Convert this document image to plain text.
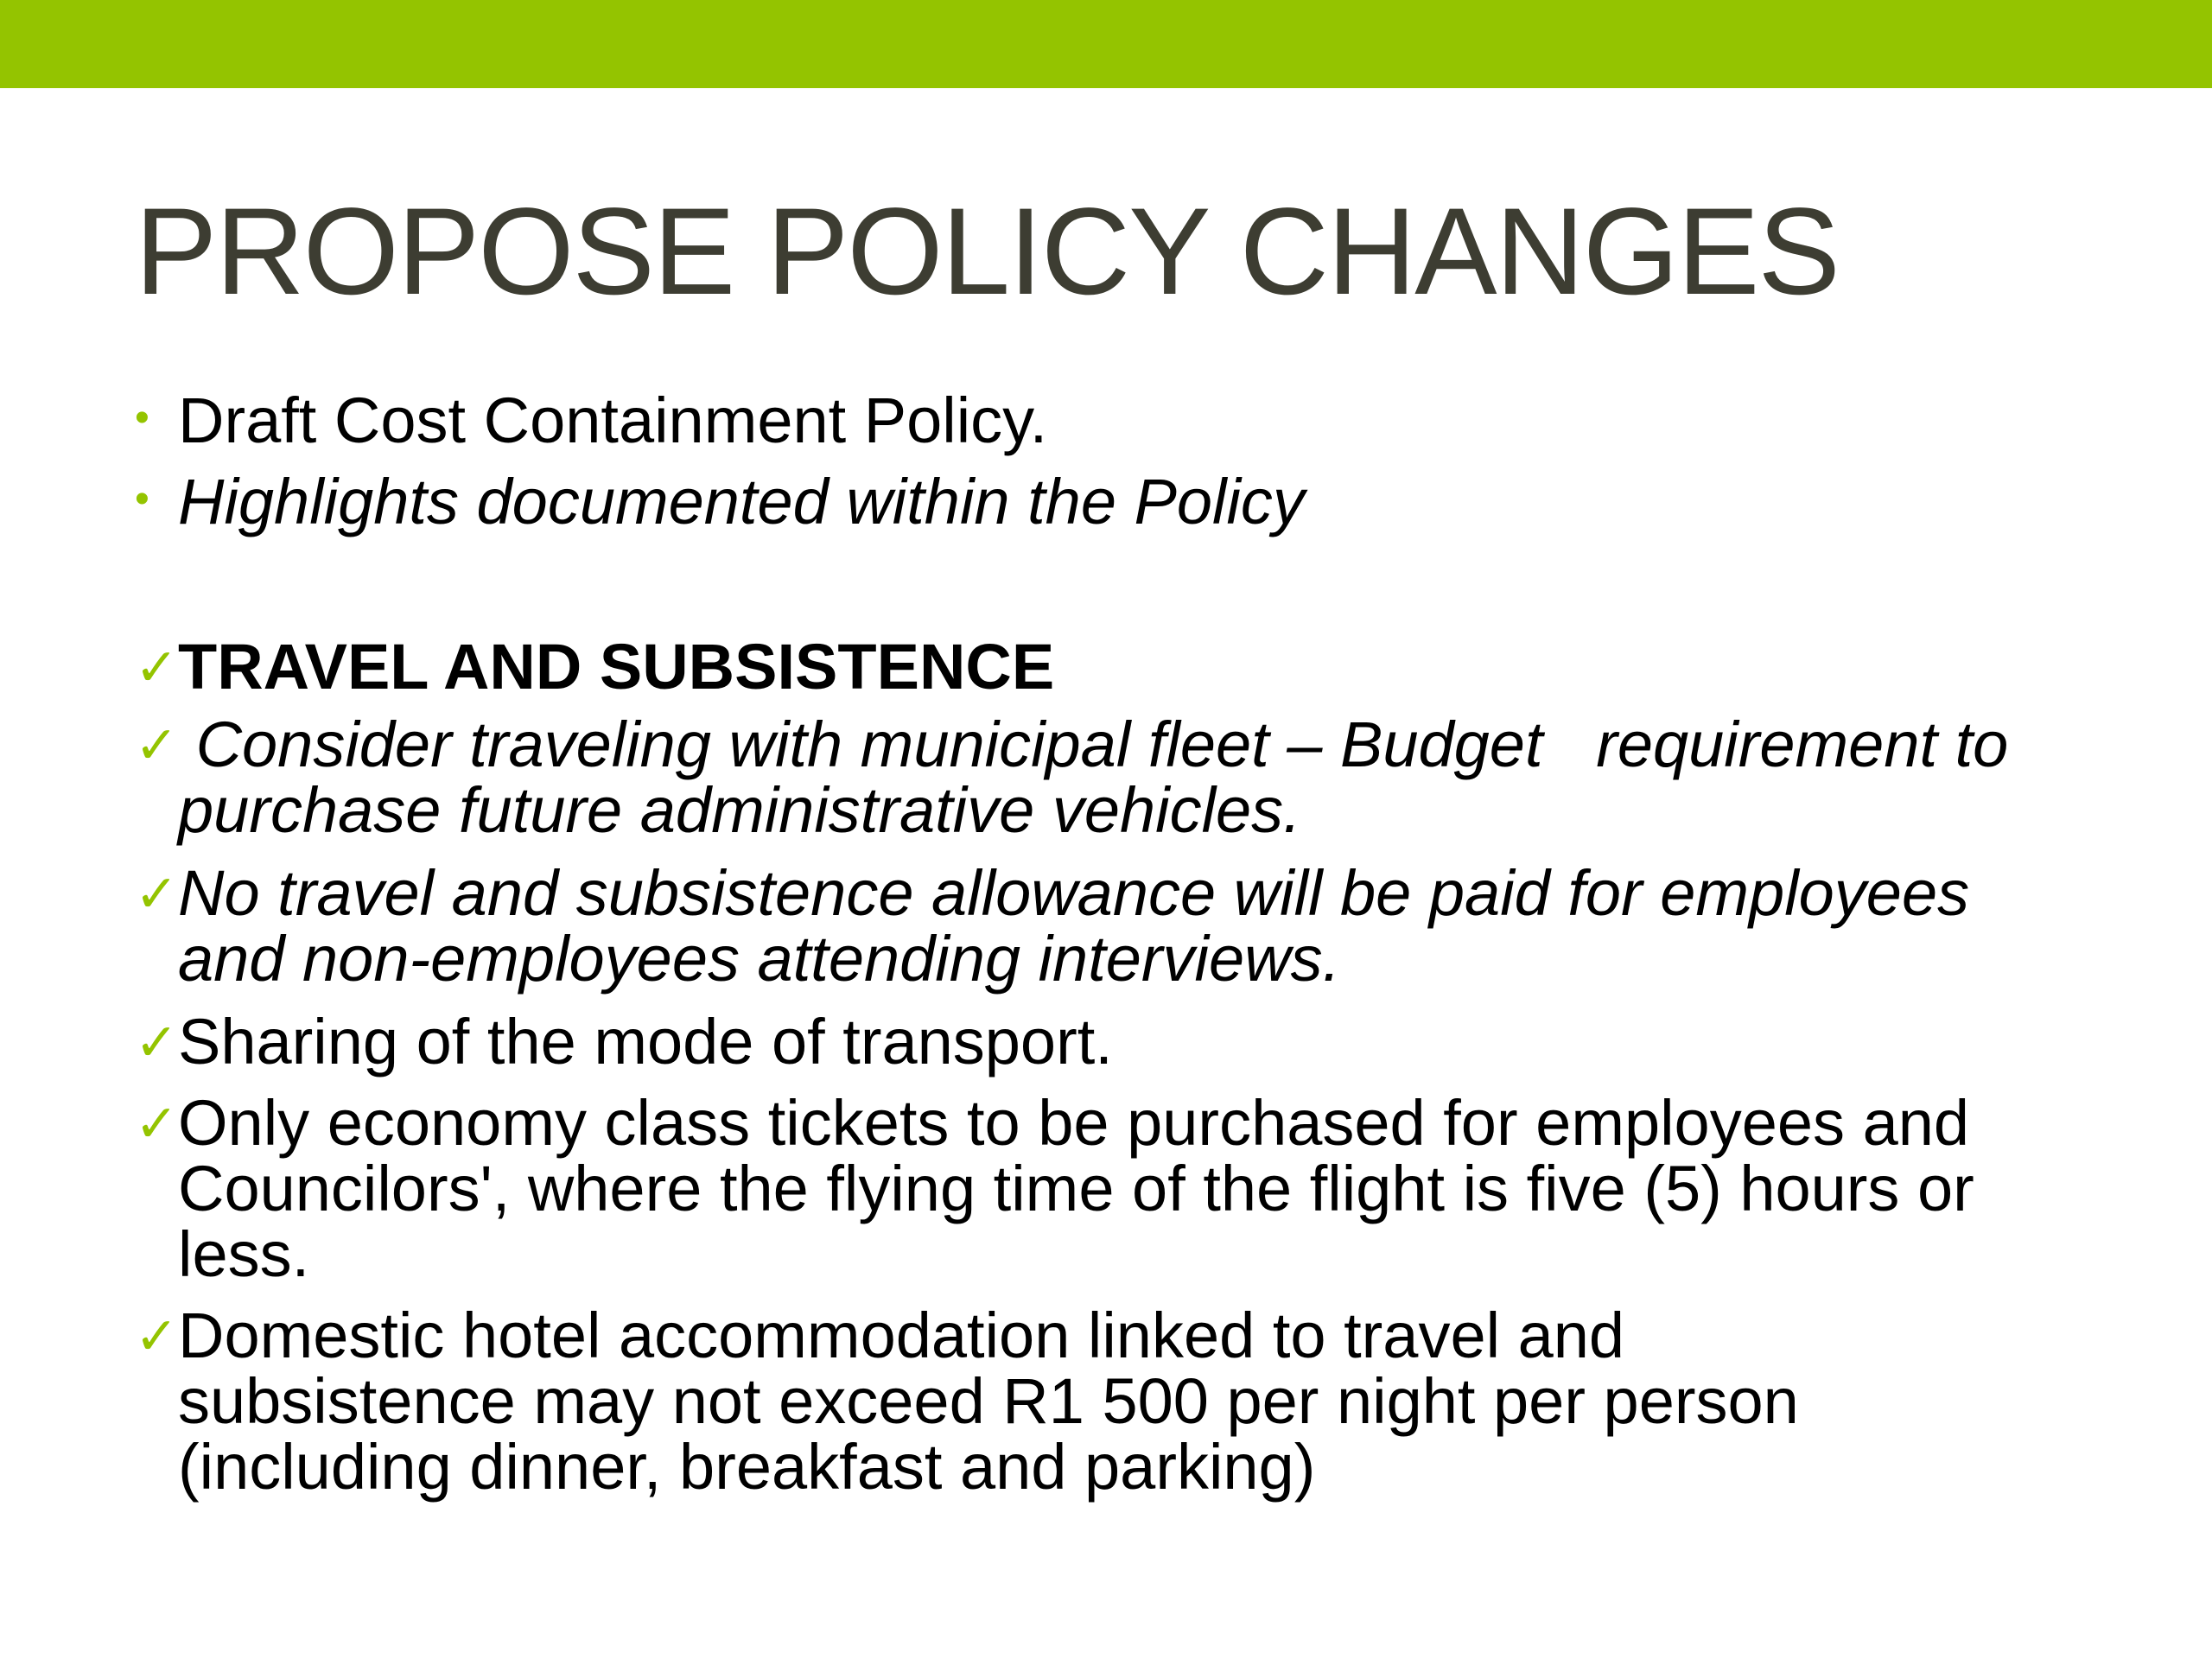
PROPOSE POLICY CHANGES
• Draft Cost Containment Policy.
• Highlights documented within the Policy
✓ TRAVEL AND SUBSISTENCE
✓ Consider traveling with municipal fleet – Budget   requirement to purchase future administrative vehicles.
✓ No travel and subsistence allowance will be paid for employees and non-employees attending interviews.
✓ Sharing of the mode of transport.
✓ Only economy class tickets to be purchased for employees and Councilors', where the flying time of the flight is five (5) hours or less.
✓ Domestic hotel accommodation linked to travel and subsistence may not exceed R1 500 per night per person (including dinner, breakfast and parking)
